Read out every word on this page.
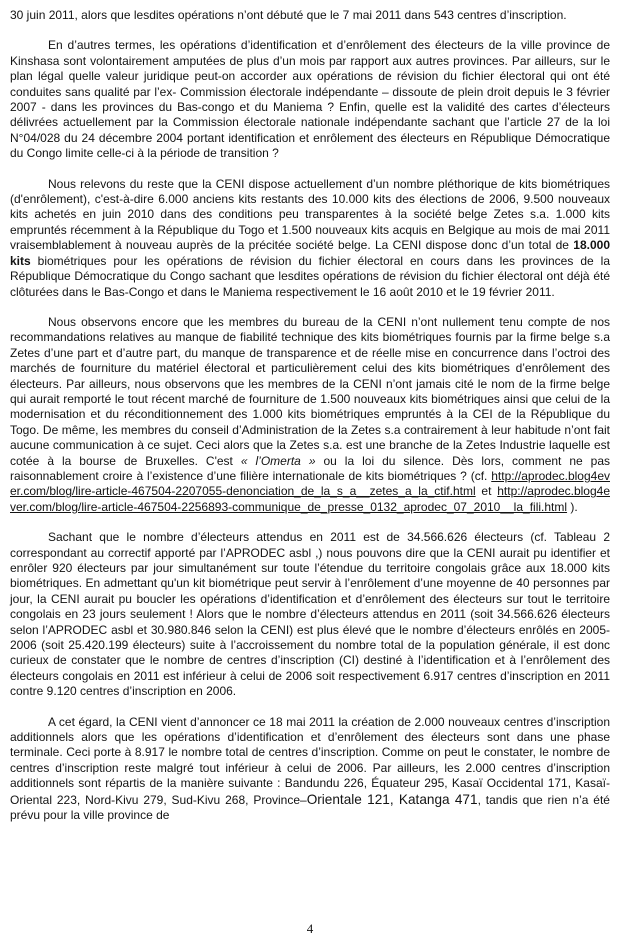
30 juin 2011, alors que lesdites opérations n’ont débuté que le 7 mai 2011 dans 543 centres d’inscription.

En d’autres termes, les opérations d’identification et d’enrôlement des électeurs de la ville province de Kinshasa sont volontairement amputées de plus d’un mois par rapport aux autres provinces. Par ailleurs, sur le plan légal quelle valeur juridique peut-on accorder aux opérations de révision du fichier électoral qui ont été conduites sans qualité par l’ex- Commission électorale indépendante – dissoute de plein droit depuis le 3 février 2007 - dans les provinces du Bas-congo et du Maniema ? Enfin, quelle est la validité des cartes d’électeurs délivrées actuellement par la Commission électorale nationale indépendante sachant que l’article 27 de la loi N°04/028 du 24 décembre 2004 portant identification et enrôlement des électeurs en République Démocratique du Congo limite celle-ci à la période de transition ?

Nous relevons du reste que la CENI dispose actuellement d’un nombre pléthorique de kits biométriques (d'enrôlement), c'est-à-dire 6.000 anciens kits restants des 10.000 kits des élections de 2006, 9.500 nouveaux kits achetés en juin 2010 dans des conditions peu transparentes à la société belge Zetes s.a. 1.000 kits empruntés récemment à la République du Togo et 1.500 nouveaux kits acquis en Belgique au mois de mai 2011 vraisemblablement à nouveau auprès de la précitée société belge. La CENI dispose donc d’un total de 18.000 kits biométriques pour les opérations de révision du fichier électoral en cours dans les provinces de la République Démocratique du Congo sachant que lesdites opérations de révision du fichier électoral ont déjà été clôturées dans le Bas-Congo et dans le Maniema respectivement le 16 août 2010 et le 19 février 2011.

Nous observons encore que les membres du bureau de la CENI n’ont nullement tenu compte de nos recommandations relatives au manque de fiabilité technique des kits biométriques fournis par la firme belge s.a Zetes d’une part et d’autre part, du manque de transparence et de réelle mise en concurrence dans l’octroi des marchés de fourniture du matériel électoral et particulièrement celui des kits biométriques d’enrôlement des électeurs. Par ailleurs, nous observons que les membres de la CENI n’ont jamais cité le nom de la firme belge qui aurait remporté le tout récent marché de fourniture de 1.500 nouveaux kits biométriques ainsi que celui de la modernisation et du réconditionnement des 1.000 kits biométriques empruntés à la CEI de la République du Togo. De même, les membres du conseil d’Administration de la Zetes s.a contrairement à leur habitude n’ont fait aucune communication à ce sujet. Ceci alors que la Zetes s.a. est une branche de la Zetes Industrie laquelle est cotée à la bourse de Bruxelles. C'est « l’Omerta » ou la loi du silence. Dès lors, comment ne pas raisonnablement croire à l’existence d’une filière internationale de kits biométriques ? (cf. http://aprodec.blog4ever.com/blog/lire-article-467504-2207055-denonciation_de_la_s_a__zetes_a_la_ctif.html et http://aprodec.blog4ever.com/blog/lire-article-467504-2256893-communique_de_presse_0132_aprodec_07_2010__la_fili.html ).

Sachant que le nombre d’électeurs attendus en 2011 est de 34.566.626 électeurs (cf. Tableau 2 correspondant au correctif apporté par l’APRODEC asbl ,) nous pouvons dire que la CENI aurait pu identifier et enrôler 920 électeurs par jour simultanément sur toute l’étendue du territoire congolais grâce aux 18.000 kits biométriques. En admettant qu'un kit biométrique peut servir à l’enrôlement d’une moyenne de 40 personnes par jour, la CENI aurait pu boucler les opérations d’identification et d’enrôlement des électeurs sur tout le territoire congolais en 23 jours seulement ! Alors que le nombre d’électeurs attendus en 2011 (soit 34.566.626 électeurs selon l’APRODEC asbl et 30.980.846 selon la CENI) est plus élevé que le nombre d’électeurs enrôlés en 2005-2006 (soit 25.420.199 électeurs) suite à l’accroissement du nombre total de la population générale, il est donc curieux de constater que le nombre de centres d’inscription (CI) destiné à l’identification et à l’enrôlement des électeurs congolais en 2011 est inférieur à celui de 2006 soit respectivement 6.917 centres d’inscription en 2011 contre 9.120 centres d’inscription en 2006.

A cet égard, la CENI vient d’annoncer ce 18 mai 2011 la création de 2.000 nouveaux centres d’inscription additionnels alors que les opérations d’identification et d’enrôlement des électeurs sont dans une phase terminale. Ceci porte à 8.917 le nombre total de centres d’inscription. Comme on peut le constater, le nombre de centres d’inscription reste malgré tout inférieur à celui de 2006. Par ailleurs, les 2.000 centres d’inscription additionnels sont répartis de la manière suivante : Bandundu 226, Équateur 295, Kasaï Occidental 171, Kasaï-Oriental 223, Nord-Kivu 279, Sud-Kivu 268, Province–Orientale 121, Katanga 471, tandis que rien n’a été prévu pour la ville province de

4
